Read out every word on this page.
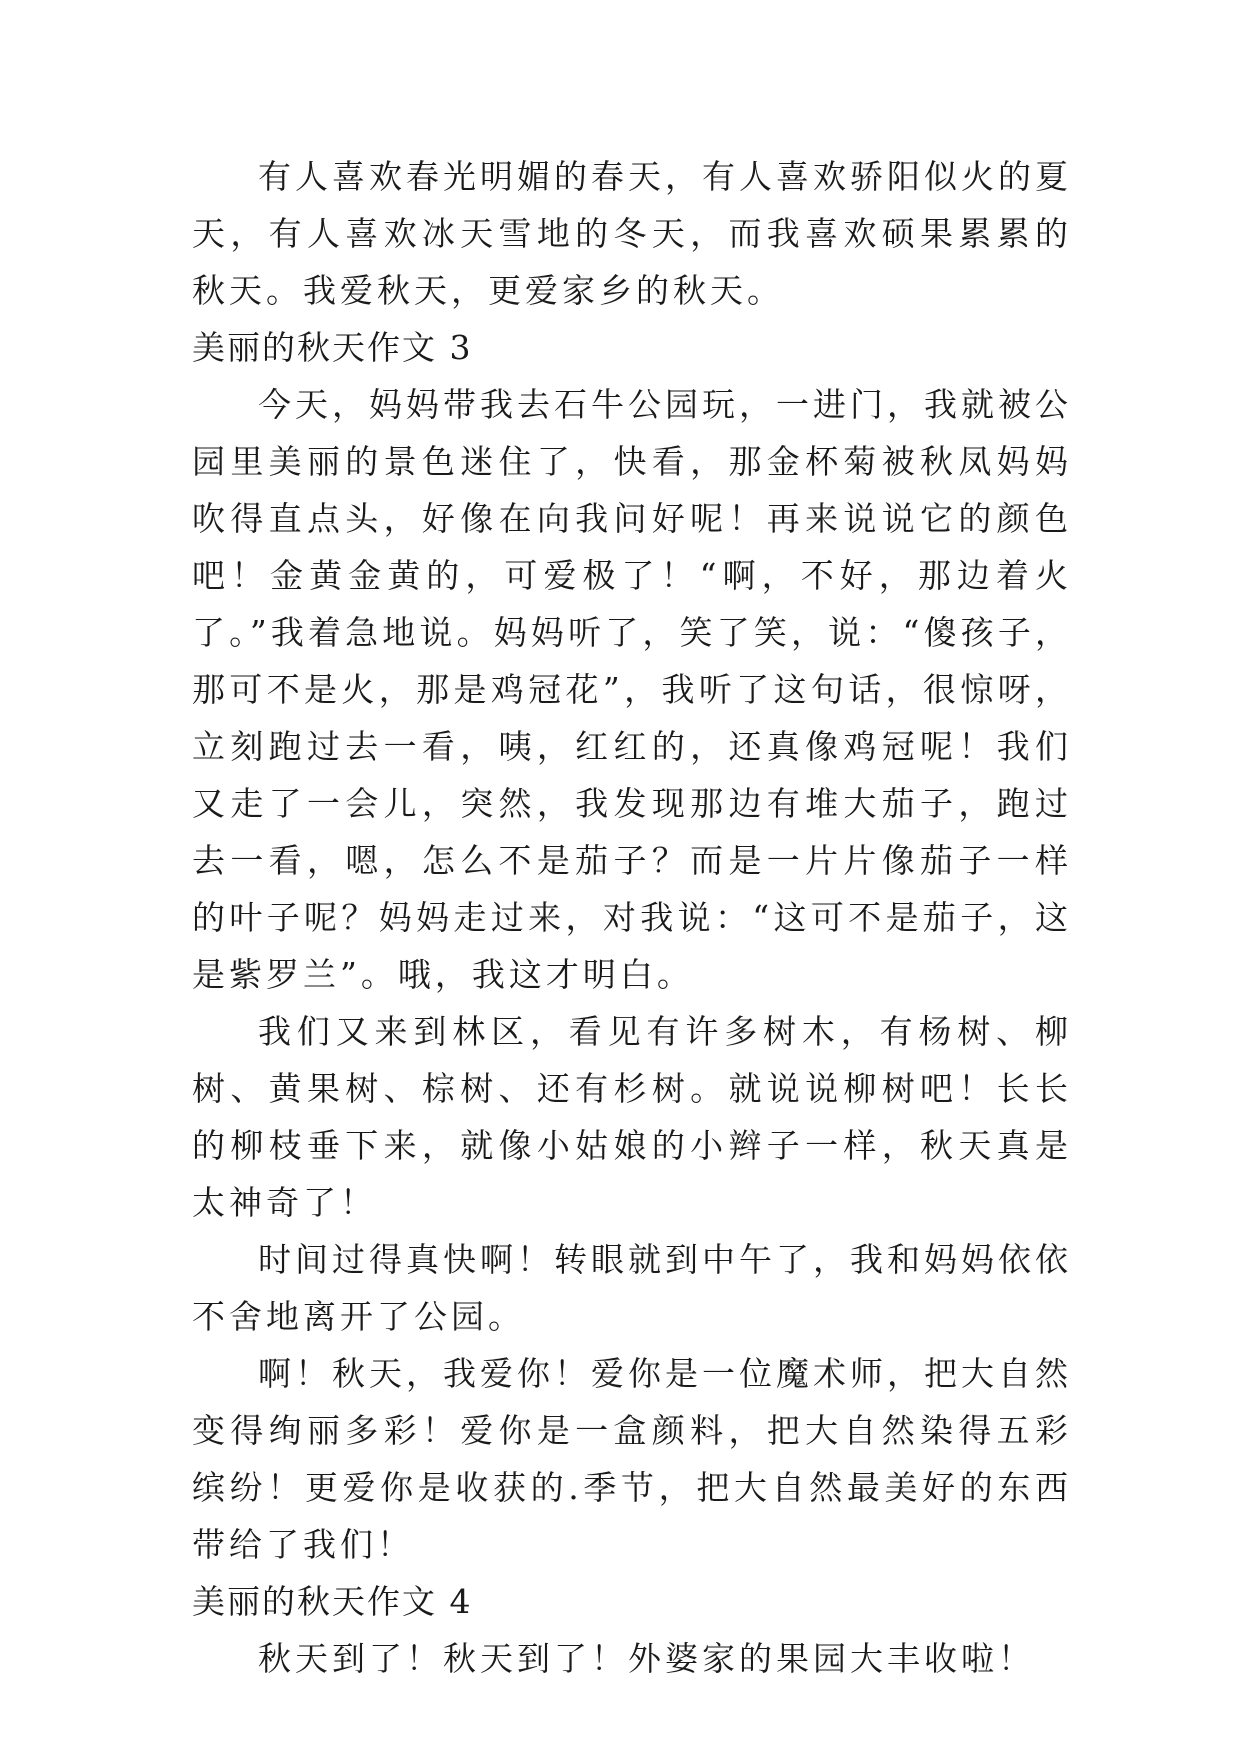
有人喜欢春光明媚的春天，有人喜欢骄阳似火的夏天，有人喜欢冰天雪地的冬天，而我喜欢硕果累累的秋天。我爱秋天，更爱家乡的秋天。

美丽的秋天作文 3

今天，妈妈带我去石牛公园玩，一进门，我就被公园里美丽的景色迷住了，快看，那金杯菊被秋凤妈妈吹得直点头，好像在向我问好呢！再来说说它的颜色吧！金黄金黄的，可爱极了！“啊，不好，那边着火了。”我着急地说。妈妈听了，笑了笑，说：“傻孩子，那可不是火，那是鸡冠花”，我听了这句话，很惊呀，立刻跑过去一看，咦，红红的，还真像鸡冠呢！我们又走了一会儿，突然，我发现那边有堆大茄子，跑过去一看，嗯，怎么不是茄子？而是一片片像茄子一样的叶子呢？妈妈走过来，对我说：“这可不是茄子，这是紫罗兰”。哦，我这才明白。

我们又来到林区，看见有许多树木，有杨树、柳树、黄果树、棕树、还有杉树。就说说柳树吧！长长的柳枝垂下来，就像小姑娘的小辫子一样，秋天真是太神奇了！

时间过得真快啊！转眼就到中午了，我和妈妈依依不舍地离开了公园。

啊！秋天，我爱你！爱你是一位魔术师，把大自然变得绚丽多彩！爱你是一盒颜料，把大自然染得五彩缤纷！更爱你是收获的.季节，把大自然最美好的东西带给了我们！

美丽的秋天作文 4

秋天到了！秋天到了！外婆家的果园大丰收啦！
